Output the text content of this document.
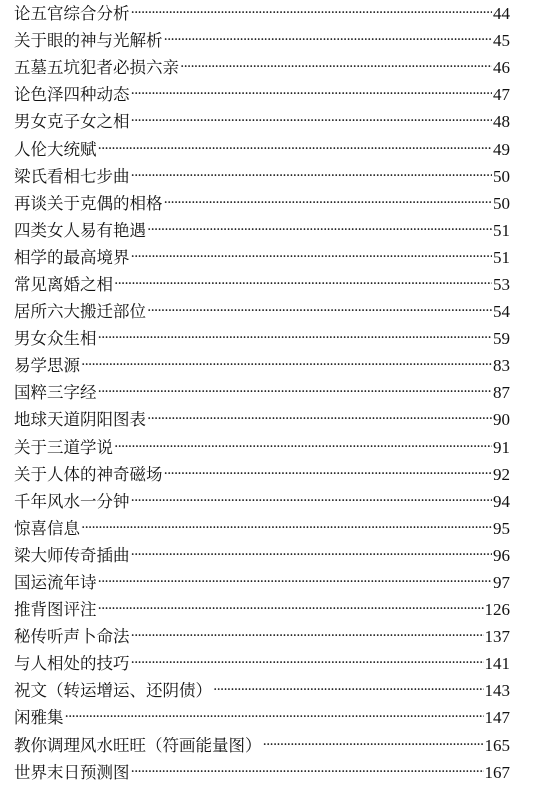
论五官综合分析 ·····	44
关于眼的神与光解析 ·····	45
五墓五坑犯者必损六亲 ·····	46
论色泽四种动态 ·····	47
男女克子女之相 ·····	48
人伦大统赋 ·····	49
梁氏看相七步曲 ·····	50
再谈关于克偶的相格 ·····	50
四类女人易有艳遇 ·····	51
相学的最高境界 ·····	51
常见离婚之相 ·····	53
居所六大搬迁部位 ·····	54
男女众生相 ·····	59
易学思源 ·····	83
国粹三字经 ·····	87
地球天道阴阳图表 ·····	90
关于三道学说 ·····	91
关于人体的神奇磁场 ·····	92
千年风水一分钟 ·····	94
惊喜信息 ·····	95
梁大师传奇插曲 ·····	96
国运流年诗 ·····	97
推背图评注 ·····	126
秘传听声卜命法 ·····	137
与人相处的技巧 ·····	141
祝文（转运增运、还阴债） ·····	143
闲雅集 ·····	147
教你调理风水旺旺（符画能量图） ·····	165
世界末日预测图 ·····	167
